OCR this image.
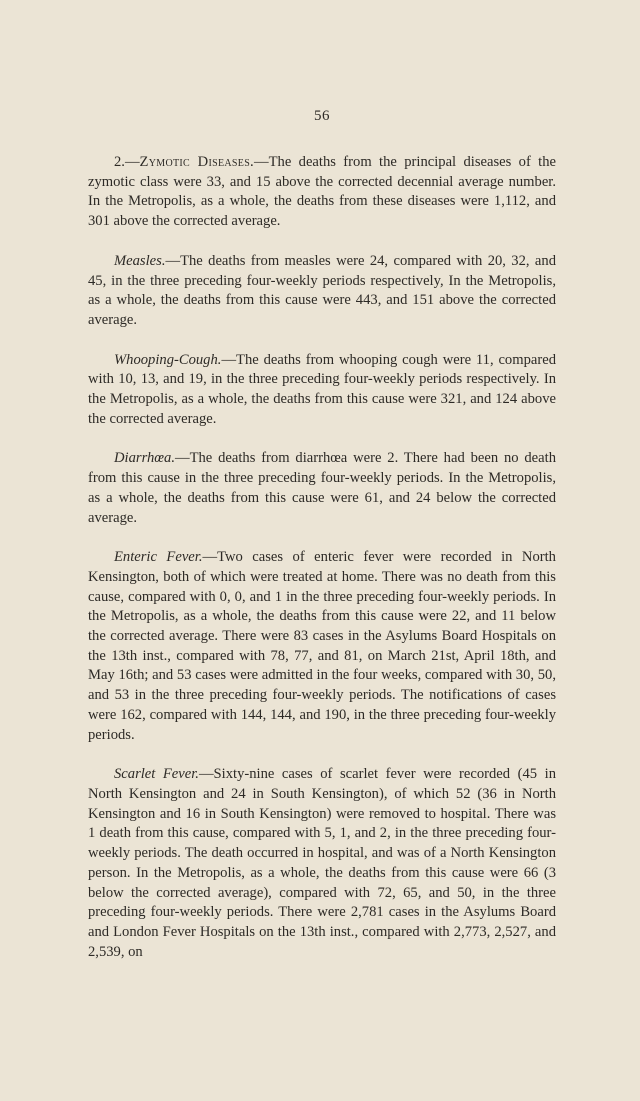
56

2.—Zymotic Diseases.—The deaths from the principal diseases of the zymotic class were 33, and 15 above the corrected decennial average number. In the Metropolis, as a whole, the deaths from these diseases were 1,112, and 301 above the corrected average.

Measles.—The deaths from measles were 24, compared with 20, 32, and 45, in the three preceding four-weekly periods respectively, In the Metropolis, as a whole, the deaths from this cause were 443, and 151 above the corrected average.

Whooping-Cough.—The deaths from whooping cough were 11, compared with 10, 13, and 19, in the three preceding four-weekly periods respectively. In the Metropolis, as a whole, the deaths from this cause were 321, and 124 above the corrected average.

Diarrhœa.—The deaths from diarrhœa were 2. There had been no death from this cause in the three preceding four-weekly periods. In the Metropolis, as a whole, the deaths from this cause were 61, and 24 below the corrected average.

Enteric Fever.—Two cases of enteric fever were recorded in North Kensington, both of which were treated at home. There was no death from this cause, compared with 0, 0, and 1 in the three preceding four-weekly periods. In the Metropolis, as a whole, the deaths from this cause were 22, and 11 below the corrected average. There were 83 cases in the Asylums Board Hospitals on the 13th inst., compared with 78, 77, and 81, on March 21st, April 18th, and May 16th; and 53 cases were admitted in the four weeks, compared with 30, 50, and 53 in the three preceding four-weekly periods. The notifications of cases were 162, compared with 144, 144, and 190, in the three preceding four-weekly periods.

Scarlet Fever.—Sixty-nine cases of scarlet fever were recorded (45 in North Kensington and 24 in South Kensington), of which 52 (36 in North Kensington and 16 in South Kensington) were removed to hospital. There was 1 death from this cause, compared with 5, 1, and 2, in the three preceding four-weekly periods. The death occurred in hospital, and was of a North Kensington person. In the Metropolis, as a whole, the deaths from this cause were 66 (3 below the corrected average), compared with 72, 65, and 50, in the three preceding four-weekly periods. There were 2,781 cases in the Asylums Board and London Fever Hospitals on the 13th inst., compared with 2,773, 2,527, and 2,539, on
